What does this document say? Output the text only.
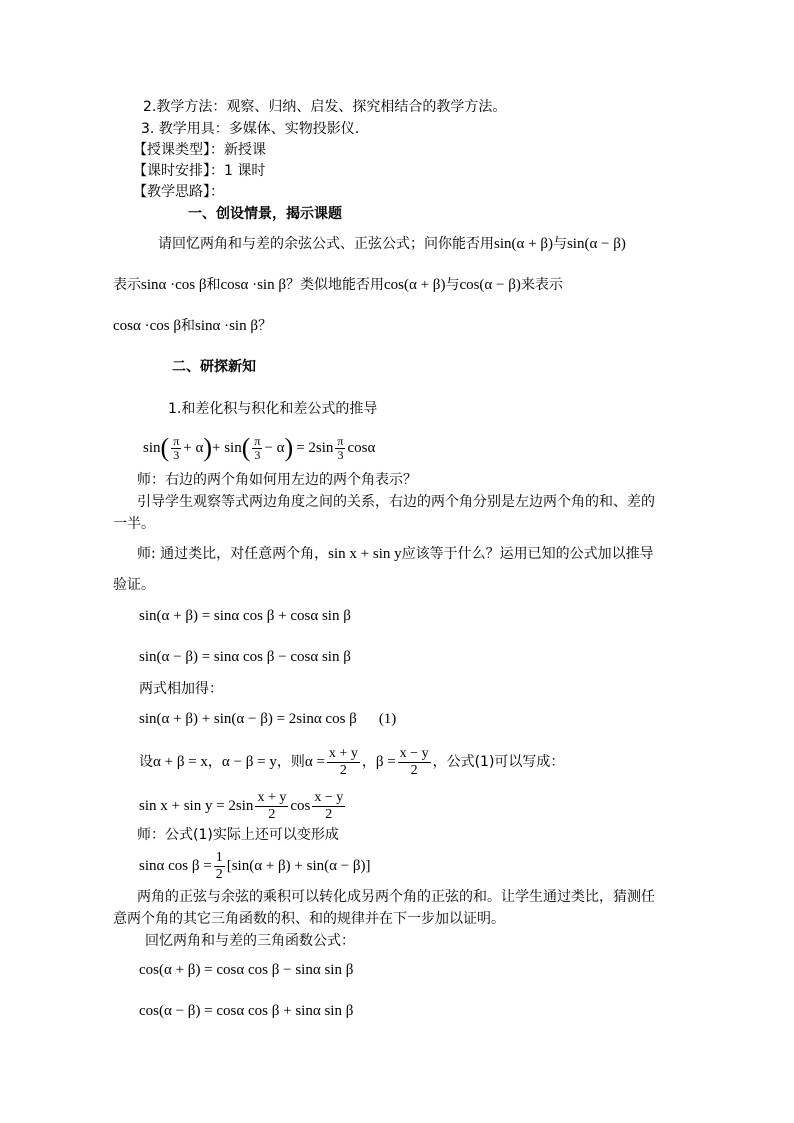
2.教学方法：观察、归纳、启发、探究相结合的教学方法。
3. 教学用具：多媒体、实物投影仪.
【授课类型】：新授课
【课时安排】：1 课时
【教学思路】：
一、创设情景，揭示课题
请回忆两角和与差的余弦公式、正弦公式；问你能否用sin(α + β)与sin(α − β)
表示sinα ·cos β和cosα ·sin β？类似地能否用cos(α + β)与cos(α − β)来表示
cosα ·cos β和sinα ·sin β？
二、研探新知
1.和差化积与积化和差公式的推导
sin ( $\frac{\pi}{3} + \alpha$ ) + sin ( $\frac{\pi}{3} - \alpha$ ) = $2\sin \frac{\pi}{3}$ cosα
师：右边的两个角如何用左边的两个角表示？
引导学生观察等式两边角度之间的关系，右边的两个角分别是左边两个角的和、差的
一半。
师: 通过类比，对任意两个角，sin x + sin y应该等于什么？运用已知的公式加以推导
验证。
sin(α + β) = sinα cos β + cosα sin β
sin(α − β) = sinα cos β − cosα sin β
两式相加得：
sin(α + β) + sin(α − β) = 2sinα cos β (1)
设 α + β = x ， α − β = y ，则 $\alpha = \frac{x + y}{2}$ ， $\beta = \frac{x - y}{2}$ ，公式(1)可以写成：
$\sin x + \sin y = 2\sin \frac{x + y}{2}$ $\cos \frac{x - y}{2}$
师：公式(1)实际上还可以变形成
sinα $\cos \beta = \frac{1}{2} [\sin(\alpha + \beta) + \sin(\alpha - \beta)]$
两角的正弦与余弦的乘积可以转化成另两个角的正弦的和。让学生通过类比，猜测任
意两个角的其它三角函数的积、和的规律并在下一步加以证明。
回忆两角和与差的三角函数公式：
cos(α + β) = cosα cos β − sinα sin β
cos(α − β) = cosα cos β + sinα sin β
